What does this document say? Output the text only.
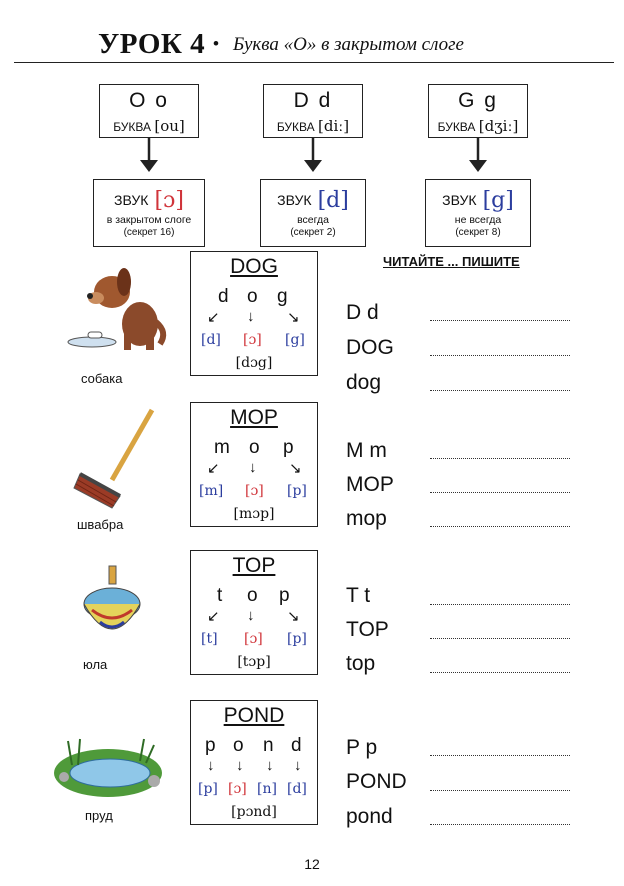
УРОК 4 • Буква «О» в закрытом слоге
O o
БУКВА [ou]
ЗВУК [ɔ]
в закрытом слоге
(секрет 16)
D d
БУКВА [diː]
ЗВУК [d]
всегда
(секрет 2)
G g
БУКВА [dʒiː]
ЗВУК [g]
не всегда
(секрет 8)
ЧИТАЙТЕ ... ПИШИТЕ
собака
DOG
d o g
↙ ↓ ↘
[d] [ɔ] [g]
[dɔg]
D d
DOG
dog
швабра
MOP
m o p
↙ ↓ ↘
[m] [ɔ] [p]
[mɔp]
M m
MOP
mop
юла
TOP
t o p
↙ ↓ ↘
[t] [ɔ] [p]
[tɔp]
T t
TOP
top
пруд
POND
p o n d
↓ ↓ ↓ ↓
[p] [ɔ] [n] [d]
[pɔnd]
P p
POND
pond
12
